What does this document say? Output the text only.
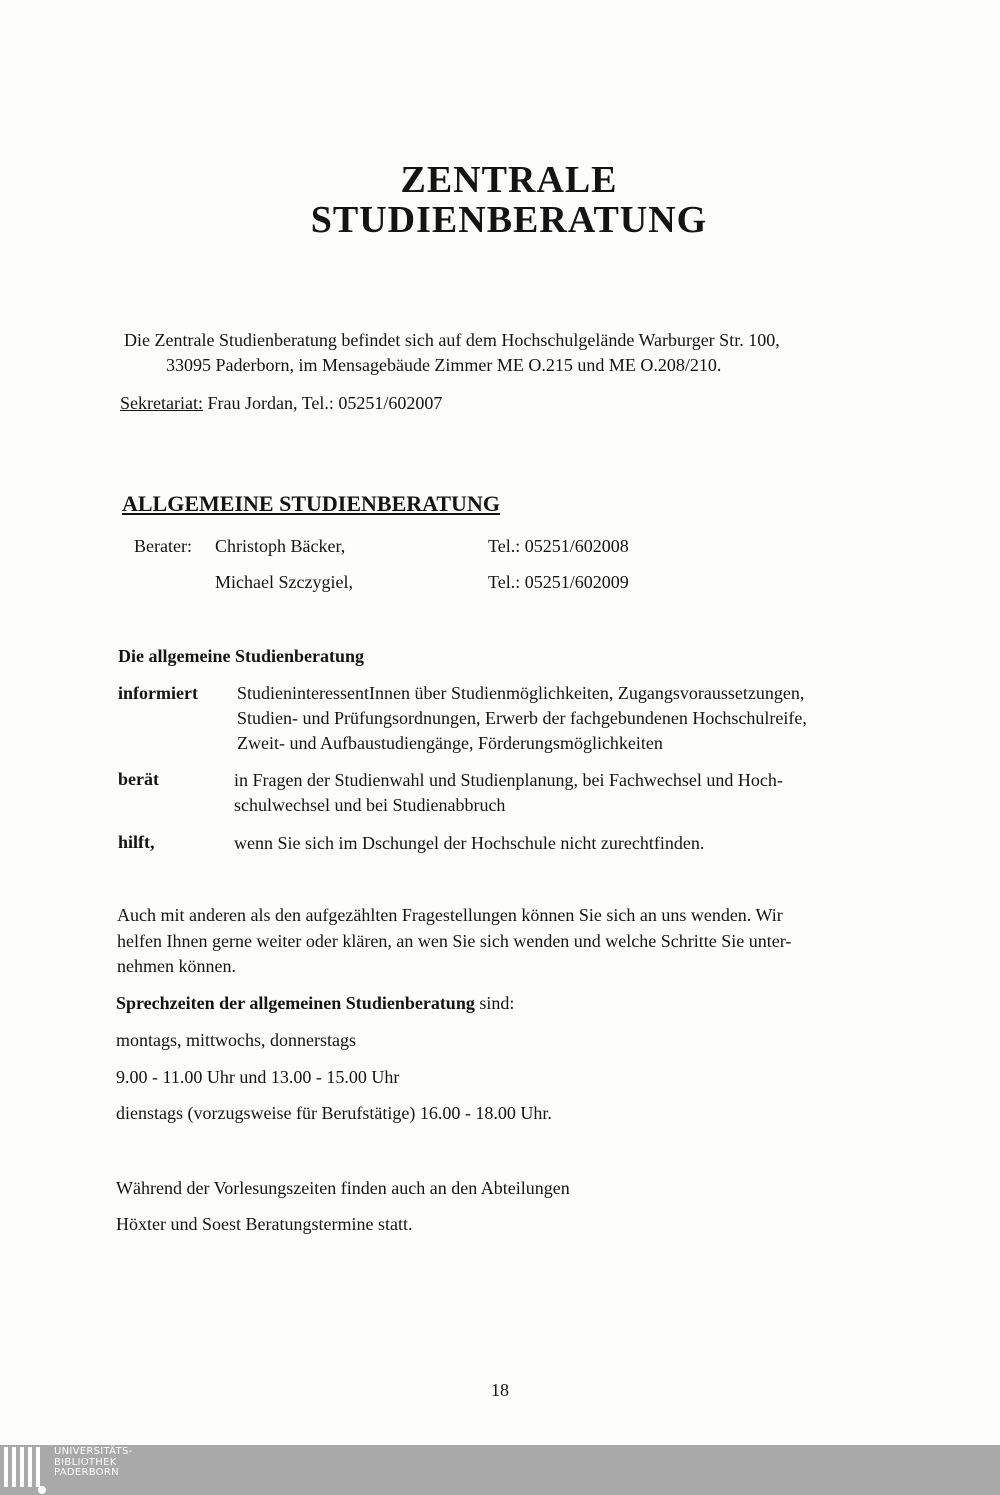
ZENTRALE
STUDIENBERATUNG

Die Zentrale Studienberatung befindet sich auf dem Hochschulgelände Warburger Str. 100,

33095 Paderborn, im Mensagebäude Zimmer ME O.215 und ME O.208/210.

Sekretariat: Frau Jordan, Tel.: 05251/602007

ALLGEMEINE STUDIENBERATUNG

Berater: Christoph Bäcker,	Tel.: 05251/602008

Michael Szczygiel,	Tel.: 05251/602009

Die allgemeine Studienberatung

informiert StudieninteressentInnen über Studienmöglichkeiten, Zugangsvoraussetzungen,

Studien- und Prüfungsordnungen, Erwerb der fachgebundenen Hochschulreife,

Zweit- und Aufbaustudiengänge, Förderungsmöglichkeiten

berät	in Fragen der Studienwahl und Studienplanung, bei Fachwechsel und Hoch-

schulwechsel und bei Studienabbruch

hilft,	wenn Sie sich im Dschungel der Hochschule nicht zurechtfinden.

Auch mit anderen als den aufgezählten Fragestellungen können Sie sich an uns wenden. Wir

helfen Ihnen gerne weiter oder klären, an wen Sie sich wenden und welche Schritte Sie unter-

nehmen können.

Sprechzeiten der allgemeinen Studienberatung sind:

montags, mittwochs, donnerstags

9.00 - 11.00 Uhr und 13.00 - 15.00 Uhr

dienstags (vorzugsweise für Berufstätige) 16.00 - 18.00 Uhr.

Während der Vorlesungszeiten finden auch an den Abteilungen

Höxter und Soest Beratungstermine statt.

18

UNIVERSITÄTS-
BIBLIOTHEK
PADERBORN
